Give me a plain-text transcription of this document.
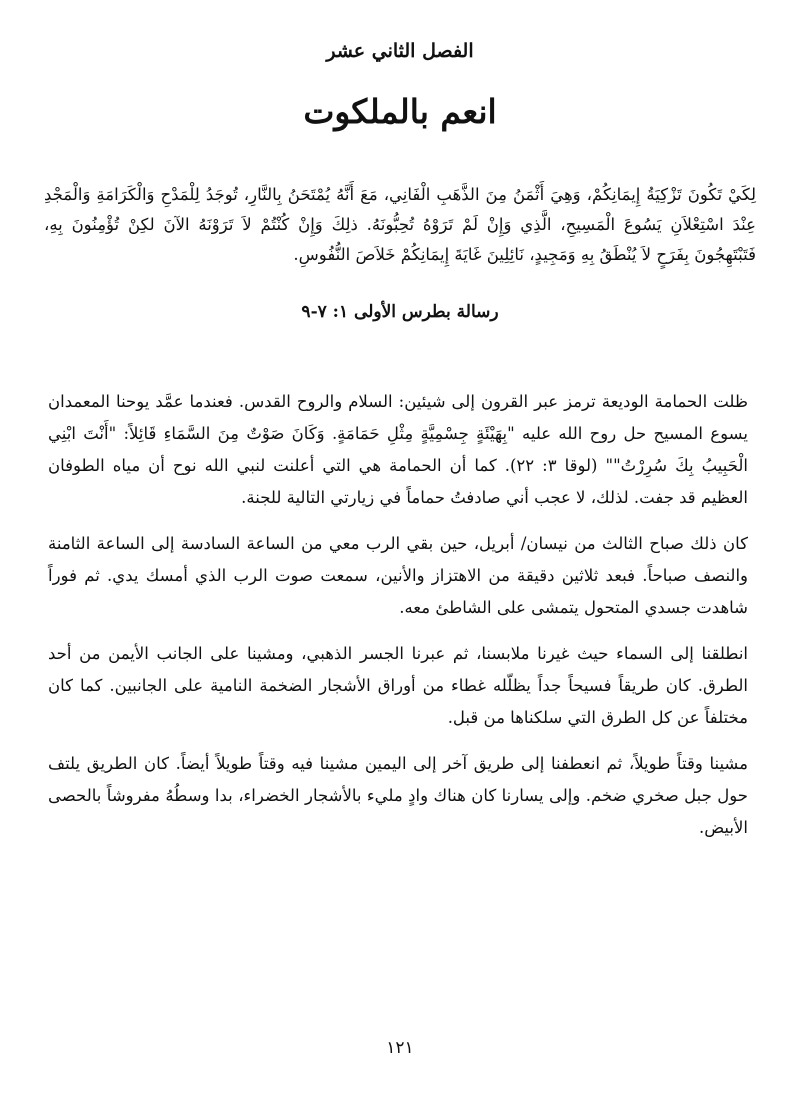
الفصل الثاني عشر
انعم بالملكوت
لِكَيْ تَكُونَ تَزْكِيَةُ إِيمَانِكُمْ، وَهِيَ أَثْمَنُ مِنَ الذَّهَبِ الْفَانِي، مَعَ أَنَّهُ يُمْتَحَنُ بِالنَّارِ، تُوجَدُ لِلْمَدْحِ وَالْكَرَامَةِ وَالْمَجْدِ عِنْدَ اسْتِعْلاَنِ يَسُوعَ الْمَسِيحِ، الَّذِي وَإِنْ لَمْ تَرَوْهُ تُحِبُّونَهُ. ذلِكَ وَإِنْ كُنْتُمْ لاَ تَرَوْنَهُ الآنَ لكِنْ تُؤْمِنُونَ بِهِ، فَتَبْتَهِجُونَ بِفَرَحٍ لاَ يُنْطَقُ بِهِ وَمَجِيدٍ، نَائِلِينَ غَايَةَ إِيمَانِكُمْ خَلاَصَ النُّفُوسِ.
رسالة بطرس الأولى ١: ٧-٩

ظلت الحمامة الوديعة ترمز عبر القرون إلى شيئين: السلام والروح القدس. فعندما عمَّد يوحنا المعمدان يسوع المسيح حل روح الله عليه "بِهَيْئَةٍ جِسْمِيَّةٍ مِثْلِ حَمَامَةٍ. وَكَانَ صَوْتٌ مِنَ السَّمَاءِ قَائِلاً: "أَنْتَ ابْنِي الْحَبِيبُ بِكَ سُرِرْتُ"" (لوقا ٣: ٢٢). كما أن الحمامة هي التي أعلنت لنبي الله نوح أن مياه الطوفان العظيم قد جفت. لذلك، لا عجب أني صادفتُ حماماً في زيارتي التالية للجنة.

كان ذلك صباح الثالث من نيسان/ أبريل، حين بقي الرب معي من الساعة السادسة إلى الساعة الثامنة والنصف صباحاً. فبعد ثلاثين دقيقة من الاهتزاز والأنين، سمعت صوت الرب الذي أمسك يدي. ثم فوراً شاهدت جسدي المتحول يتمشى على الشاطئ معه.

انطلقنا إلى السماء حيث غيرنا ملابسنا، ثم عبرنا الجسر الذهبي، ومشينا على الجانب الأيمن من أحد الطرق. كان طريقاً فسيحاً جداً يظلّله غطاء من أوراق الأشجار الضخمة النامية على الجانبين. كما كان مختلفاً عن كل الطرق التي سلكناها من قبل.

مشينا وقتاً طويلاً، ثم انعطفنا إلى طريق آخر إلى اليمين مشينا فيه وقتاً طويلاً أيضاً. كان الطريق يلتف حول جبل صخري ضخم. وإلى يسارنا كان هناك وادٍ مليء بالأشجار الخضراء، بدا وسطُهُ مفروشاً بالحصى الأبيض.

١٢١
